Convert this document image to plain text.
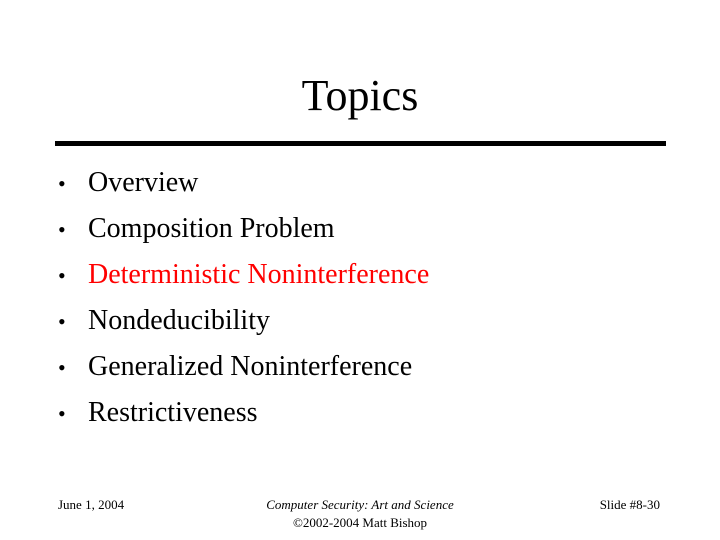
Topics
• Overview
• Composition Problem
• Deterministic Noninterference
• Nondeducibility
• Generalized Noninterference
• Restrictiveness
June 1, 2004	Computer Security: Art and Science
©2002-2004 Matt Bishop
Slide #8-30
